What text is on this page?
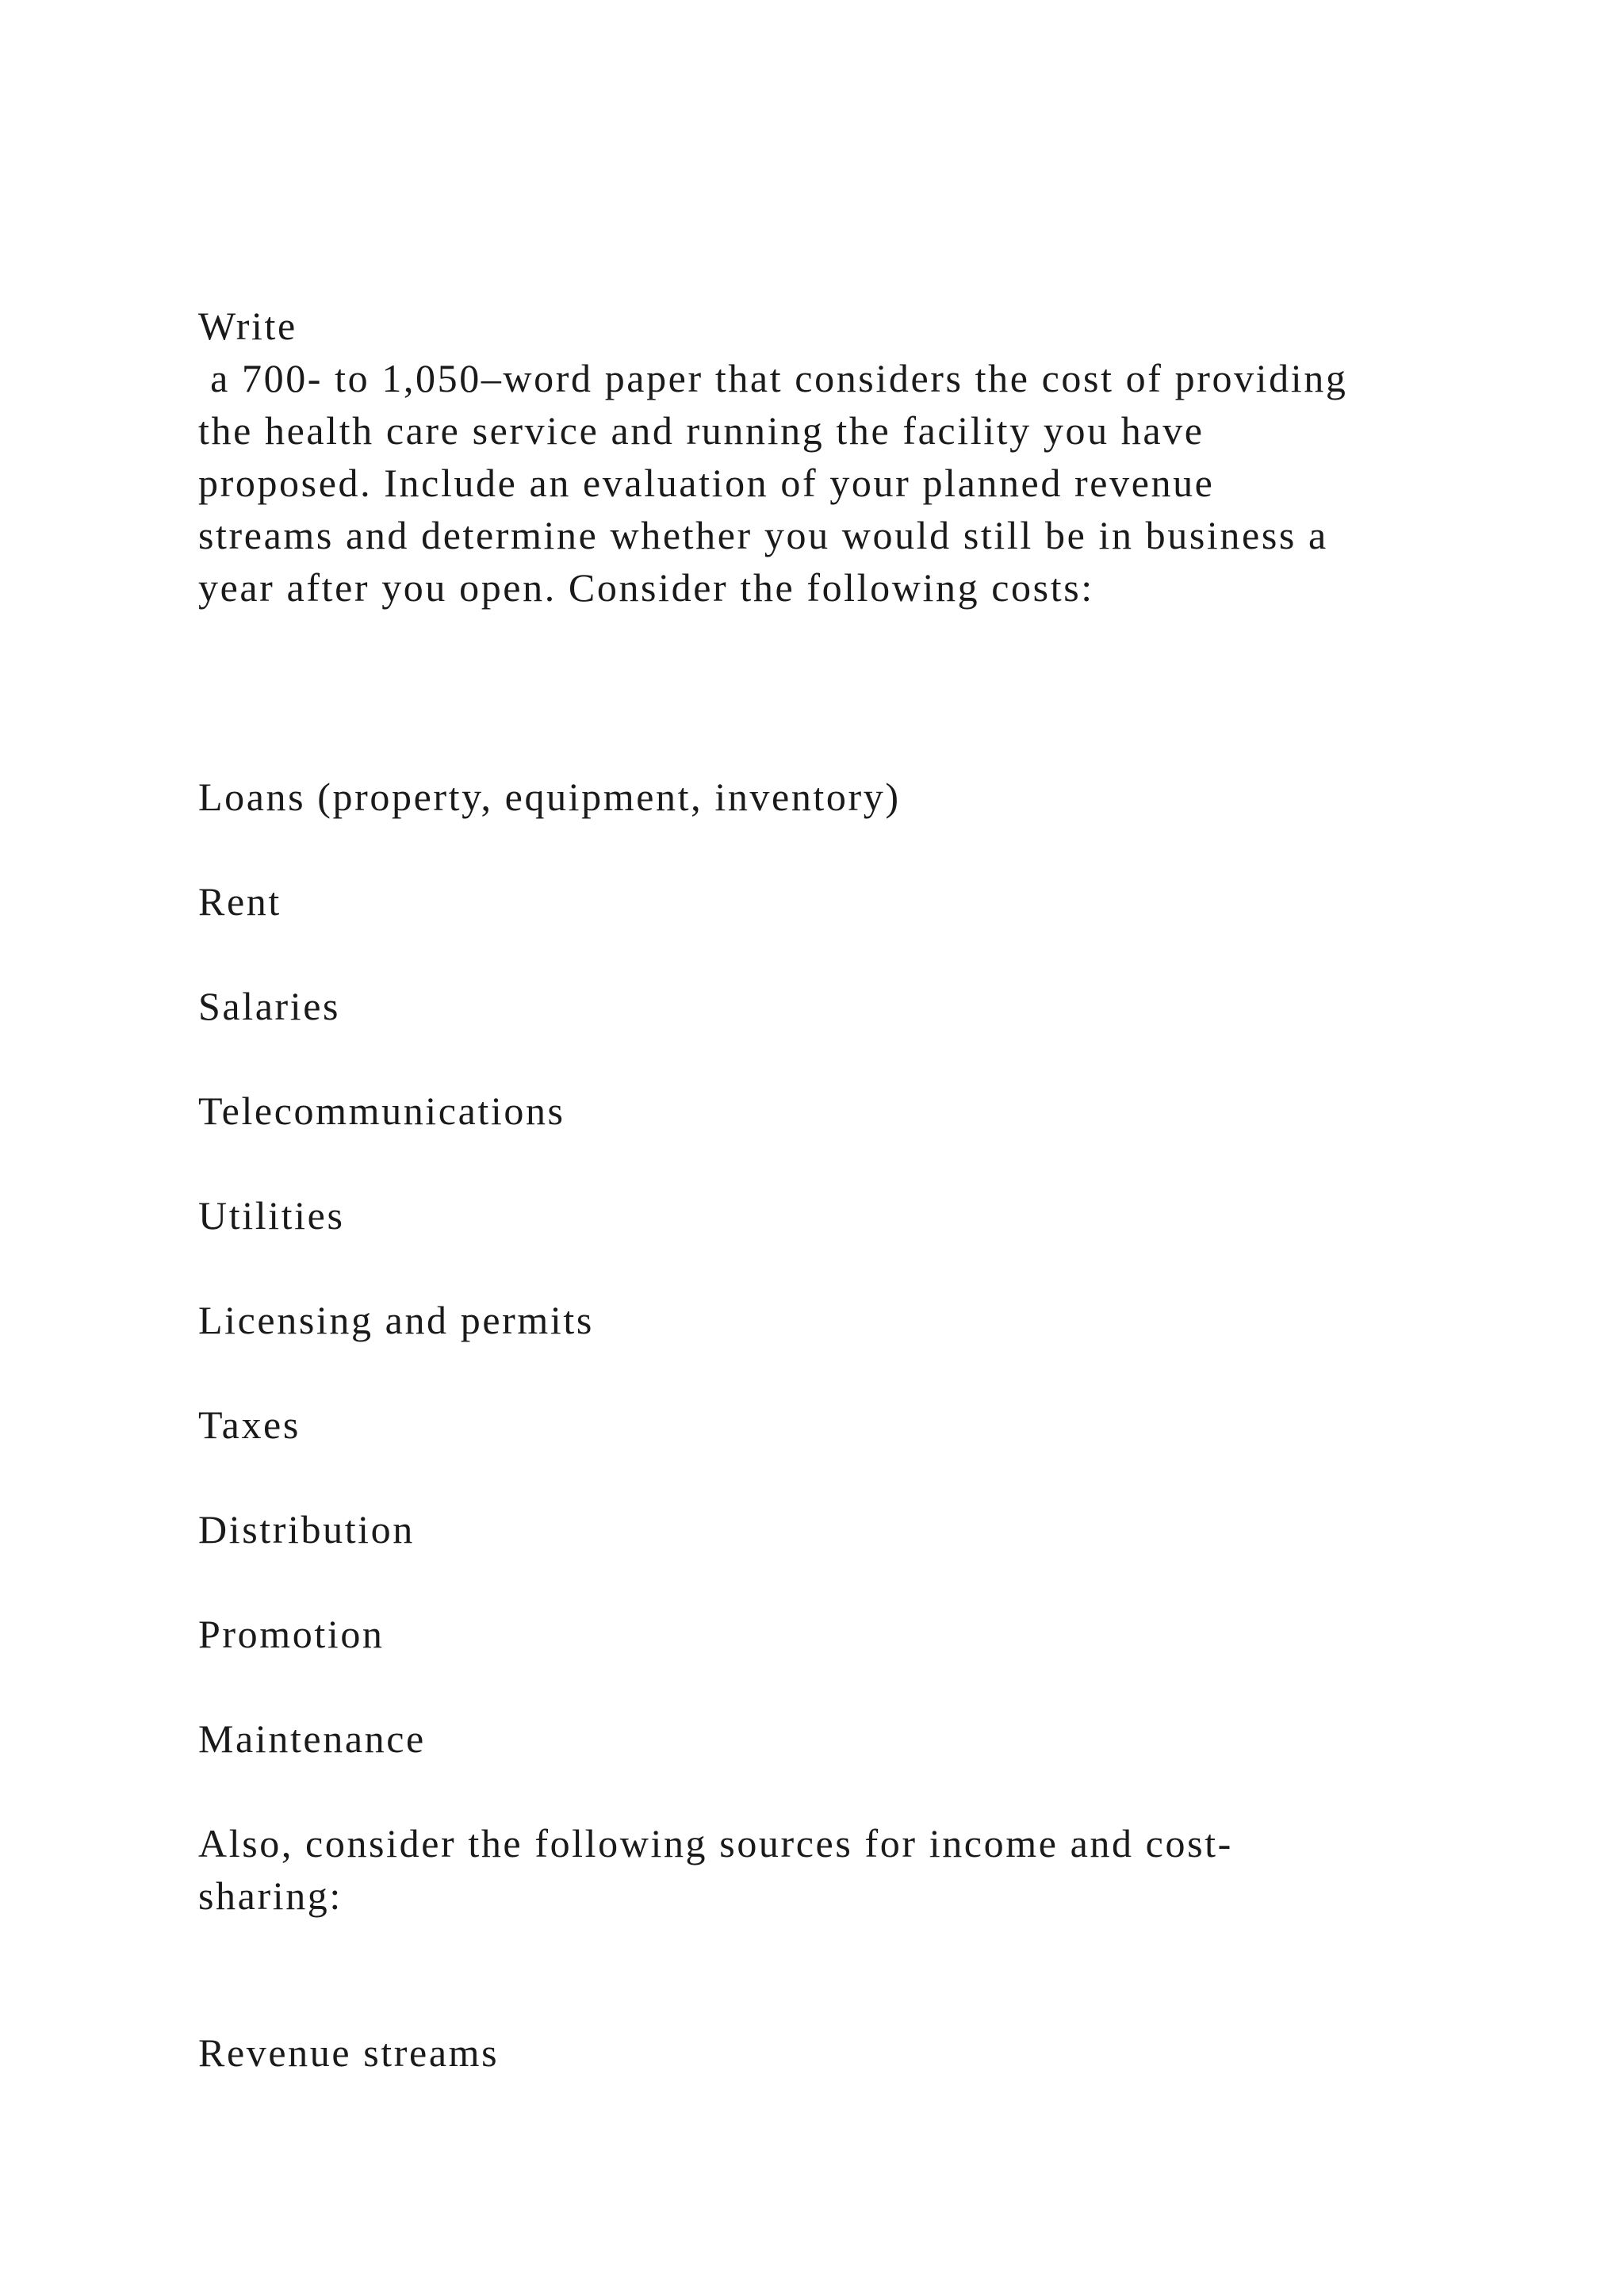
Write
a 700- to 1,050–word paper that considers the cost of providing
the health care service and running the facility you have
proposed. Include an evaluation of your planned revenue
streams and determine whether you would still be in business a
year after you open. Consider the following costs:
Loans (property, equipment, inventory)
Rent
Salaries
Telecommunications
Utilities
Licensing and permits
Taxes
Distribution
Promotion
Maintenance
Also, consider the following sources for income and cost-
sharing:
Revenue streams
